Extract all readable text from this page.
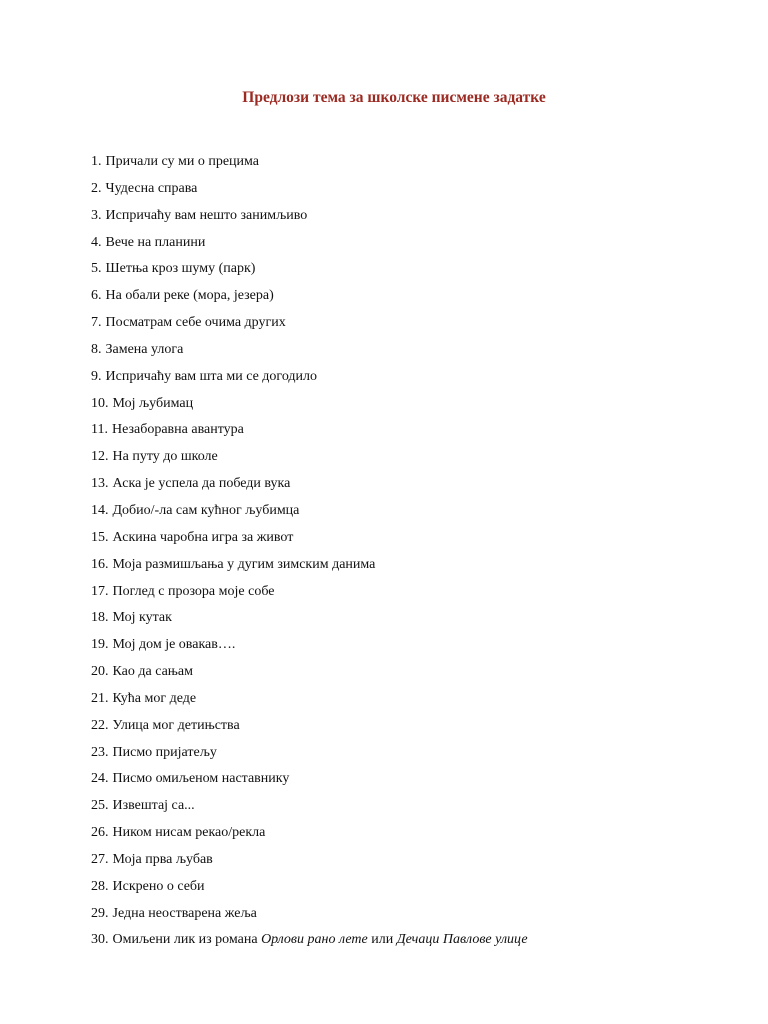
Предлози тема за школске писмене задатке
1. Причали су ми о прецима
2. Чудесна справа
3. Испричаћу вам нешто занимљиво
4. Вече на планини
5. Шетња кроз шуму (парк)
6. На обали реке (мора, језера)
7. Посматрам себе очима других
8. Замена улога
9. Испричаћу вам шта ми се догодило
10. Мој љубимац
11. Незаборавна авантура
12. На путу до школе
13. Аска је успела да победи вука
14. Добио/-ла сам кућног љубимца
15. Аскина чаробна игра за живот
16. Моја размишљања у дугим зимским данима
17. Поглед с прозора моје собе
18. Мој кутак
19. Мој дом је овакав….
20. Као да сањам
21. Кућа мог деде
22. Улица мог детињства
23. Писмо пријатељу
24. Писмо омиљеном наставнику
25. Извештај са...
26. Ником нисам рекао/рекла
27. Моја прва љубав
28. Искрено о себи
29. Једна неостварена жеља
30. Омиљени лик из романа Орлови рано лете или Дечаци Павлове улице
